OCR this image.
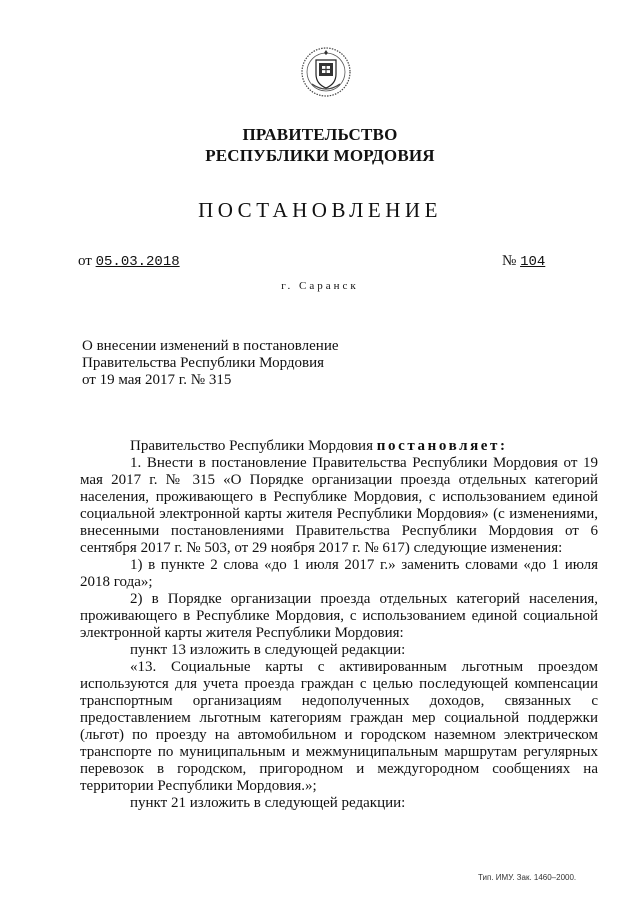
ПРАВИТЕЛЬСТВО
РЕСПУБЛИКИ МОРДОВИЯ
ПОСТАНОВЛЕНИЕ
от 05.03.2018	№ 104
г. Саранск
О внесении изменений в постановление
Правительства Республики Мордовия
от 19 мая 2017 г. № 315
Правительство Республики Мордовия постановляет:
1. Внести в постановление Правительства Республики Мордовия от 19 мая 2017 г. № 315 «О Порядке организации проезда отдельных категорий населения, проживающего в Республике Мордовия, с использованием единой социальной электронной карты жителя Республики Мордовия» (с изменениями, внесенными постановлениями Правительства Республики Мордовия от 6 сентября 2017 г. № 503, от 29 ноября 2017 г. № 617) следующие изменения:
1) в пункте 2 слова «до 1 июля 2017 г.» заменить словами «до 1 июля 2018 года»;
2) в Порядке организации проезда отдельных категорий населения, проживающего в Республике Мордовия, с использованием единой социальной электронной карты жителя Республики Мордовия:
пункт 13 изложить в следующей редакции:
«13. Социальные карты с активированным льготным проездом используются для учета проезда граждан с целью последующей компенсации транспортным организациям недополученных доходов, связанных с предоставлением льготным категориям граждан мер социальной поддержки (льгот) по проезду на автомобильном и городском наземном электрическом транспорте по муниципальным и межмуниципальным маршрутам регулярных перевозок в городском, пригородном и междугородном сообщениях на территории Республики Мордовия.»;
пункт 21 изложить в следующей редакции:
Тип. ИМУ. Зак. 1460–2000.
